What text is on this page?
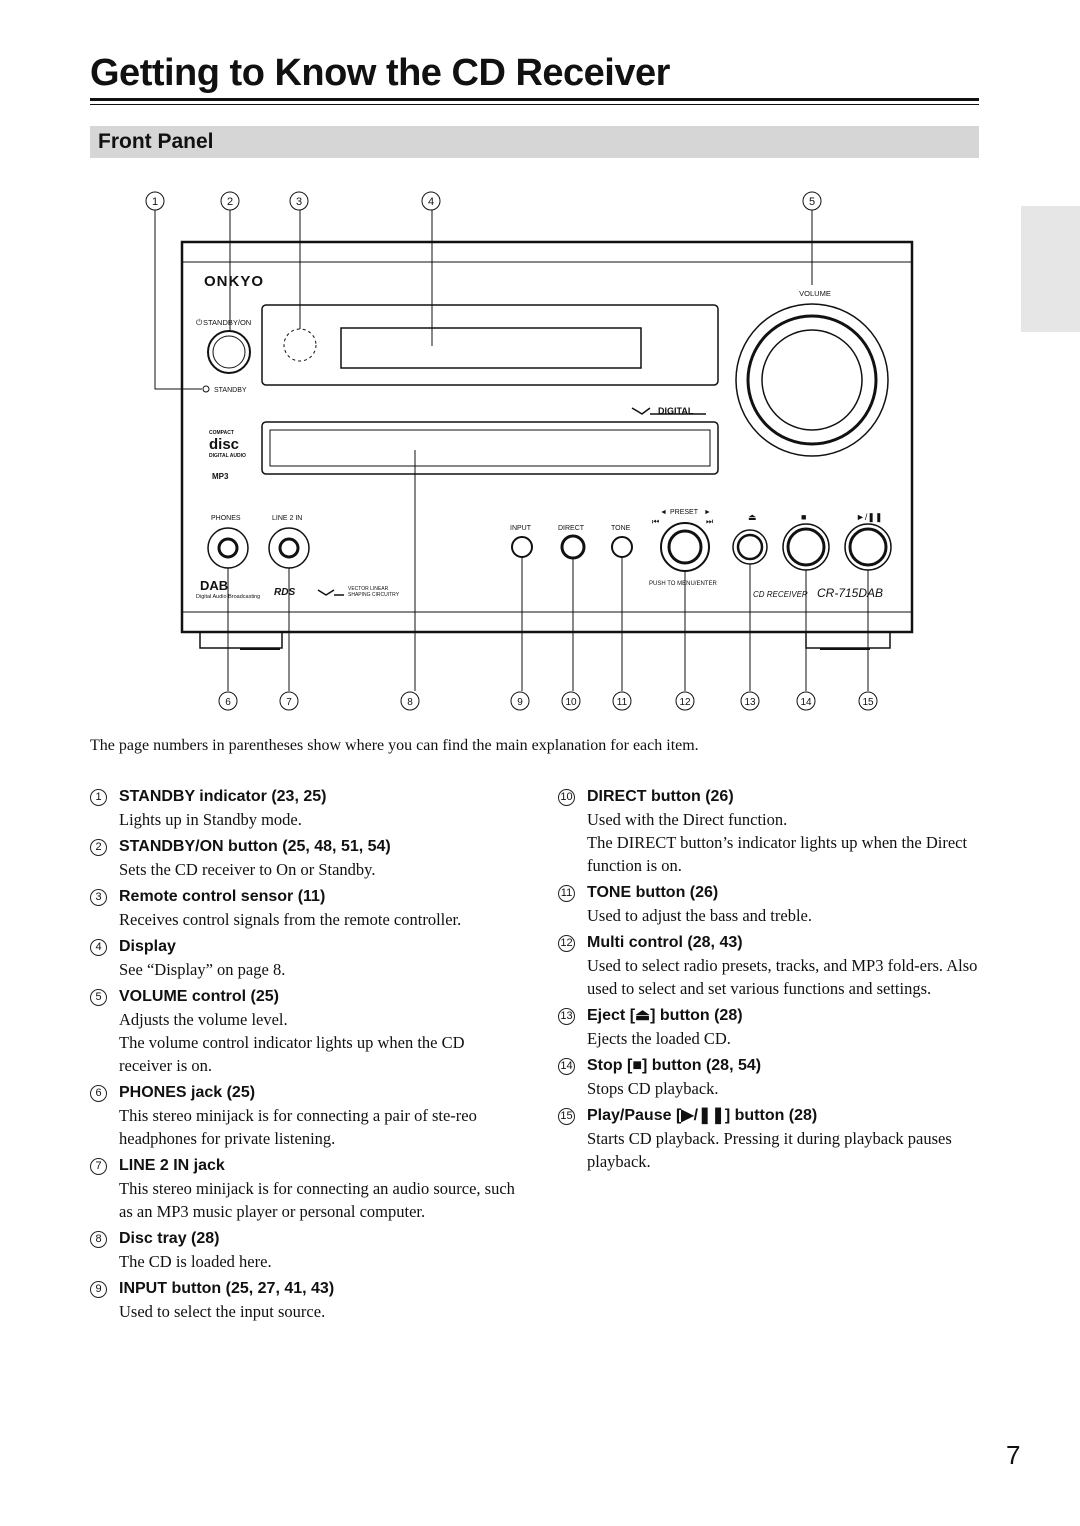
Getting to Know the CD Receiver
Front Panel
1	2	3	4	5
6	7	8	9	10	11	12	13	14	15
ONKYO
STANDBY/ON
STANDBY
VOLUME
DIGITAL
COMPACT
disc
DIGITAL AUDIO
MP3
PHONES	LINE 2 IN
INPUT	DIRECT	TONE
PRESET
PUSH TO MENU/ENTER
DAB
Digital Audio Broadcasting RDS	VECTOR LINEAR
SHAPING CIRCUITRY	CD RECEIVER CR-715DAB
⏏	■	►/❚❚
◄	►
⏮	⏭
⏻

The page numbers in parentheses show where you can find the main explanation for each item.

1	STANDBY indicator (23, 25)
Lights up in Standby mode.
2	STANDBY/ON button (25, 48, 51, 54)
Sets the CD receiver to On or Standby.
3	Remote control sensor (11)
Receives control signals from the remote controller.
4	Display
See “Display” on page 8.
5	VOLUME control (25)
Adjusts the volume level.
The volume control indicator lights up when the CD receiver is on.
6	PHONES jack (25)
This stereo minijack is for connecting a pair of ste-reo headphones for private listening.
7	LINE 2 IN jack
This stereo minijack is for connecting an audio source, such as an MP3 music player or personal computer.
8	Disc tray (28)
The CD is loaded here.
9	INPUT button (25, 27, 41, 43)
Used to select the input source.
10 DIRECT button (26)
Used with the Direct function.
The DIRECT button’s indicator lights up when the Direct function is on.
11 TONE button (26)
Used to adjust the bass and treble.
12 Multi control (28, 43)
Used to select radio presets, tracks, and MP3 fold-ers. Also used to select and set various functions and settings.
13 Eject [⏏] button (28)
Ejects the loaded CD.
14 Stop [■] button (28, 54)
Stops CD playback.
15 Play/Pause [▶/❚❚] button (28)
Starts CD playback. Pressing it during playback pauses playback.
7
